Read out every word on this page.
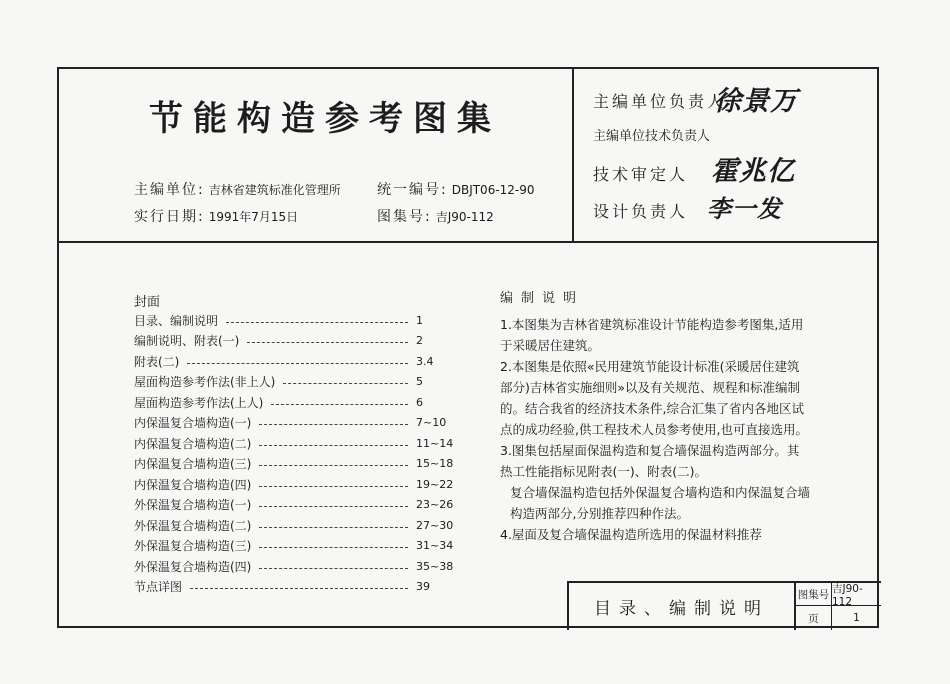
节能构造参考图集
主编单位: 吉林省建筑标准化管理所	统一编号: DBJT06-12-90
实行日期: 1991年7月15日	图集号: 吉J90-112
主编单位负责人
徐景万
主编单位技术负责人
技术审定人 霍兆亿
设计负责人 李一发
封面
目录、编制说明	1
编制说明、附表(一)	2
附表(二)	3.4
屋面构造参考作法(非上人)	5
屋面构造参考作法(上人)	6
内保温复合墙构造(一)	7~10
内保温复合墙构造(二)	11~14
内保温复合墙构造(三)	15~18
内保温复合墙构造(四)	19~22
外保温复合墙构造(一)	23~26
外保温复合墙构造(二)	27~30
外保温复合墙构造(三)	31~34
外保温复合墙构造(四)	35~38
节点详图	39
编制说明

1.本图集为吉林省建筑标准设计节能构造参考图集,适用于采暖居住建筑。

2.本图集是依照«民用建筑节能设计标准(采暖居住建筑部分)吉林省实施细则»以及有关规范、规程和标准编制的。结合我省的经济技术条件,综合汇集了省内各地区试点的成功经验,供工程技术人员参考使用,也可直接选用。

3.图集包括屋面保温构造和复合墙保温构造两部分。其热工性能指标见附表(一)、附表(二)。

复合墙保温构造包括外保温复合墙构造和内保温复合墙构造两部分,分别推荐四种作法。

4.屋面及复合墙保温构造所选用的保温材料推荐

目录、编制说明
图集号 吉J90-112
页	1
